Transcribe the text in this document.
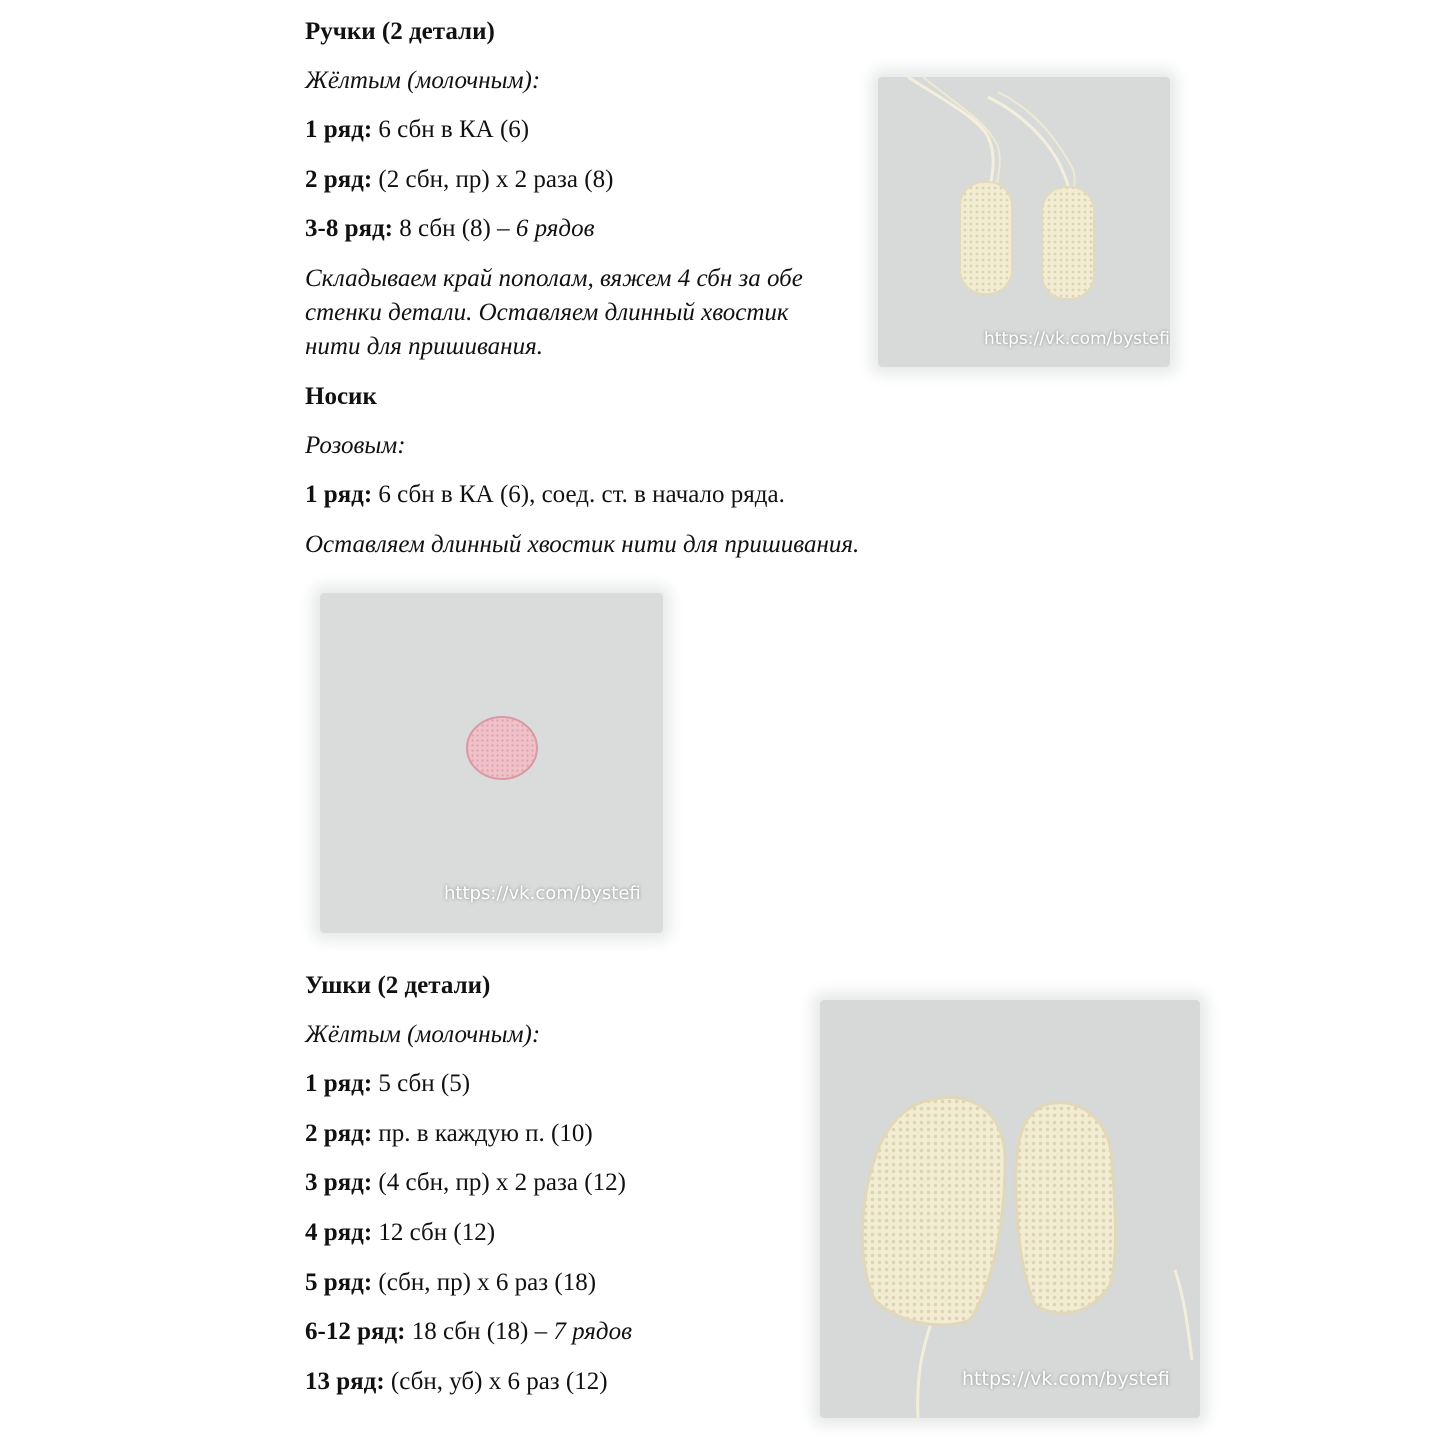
Ручки (2 детали)
Жёлтым (молочным):
1 ряд: 6 сбн в КА (6)
2 ряд: (2 сбн, пр) х 2 раза (8)
3-8 ряд: 8 сбн (8) – 6 рядов
Складываем край пополам, вяжем 4 сбн за обе стенки детали. Оставляем длинный хвостик нити для пришивания.	https://vk.com/bystefi
Носик
Розовым:
1 ряд: 6 сбн в КА (6), соед. ст. в начало ряда.
Оставляем длинный хвостик нити для пришивания.
https://vk.com/bystefi
Ушки (2 детали)
Жёлтым (молочным):
1 ряд: 5 сбн (5)
2 ряд: пр. в каждую п. (10)
3 ряд: (4 сбн, пр) х 2 раза (12)
4 ряд: 12 сбн (12)
5 ряд: (сбн, пр) х 6 раз (18)
6-12 ряд: 18 сбн (18) – 7 рядов
13 ряд: (сбн, уб) х 6 раз (12)	https://vk.com/bystefi
